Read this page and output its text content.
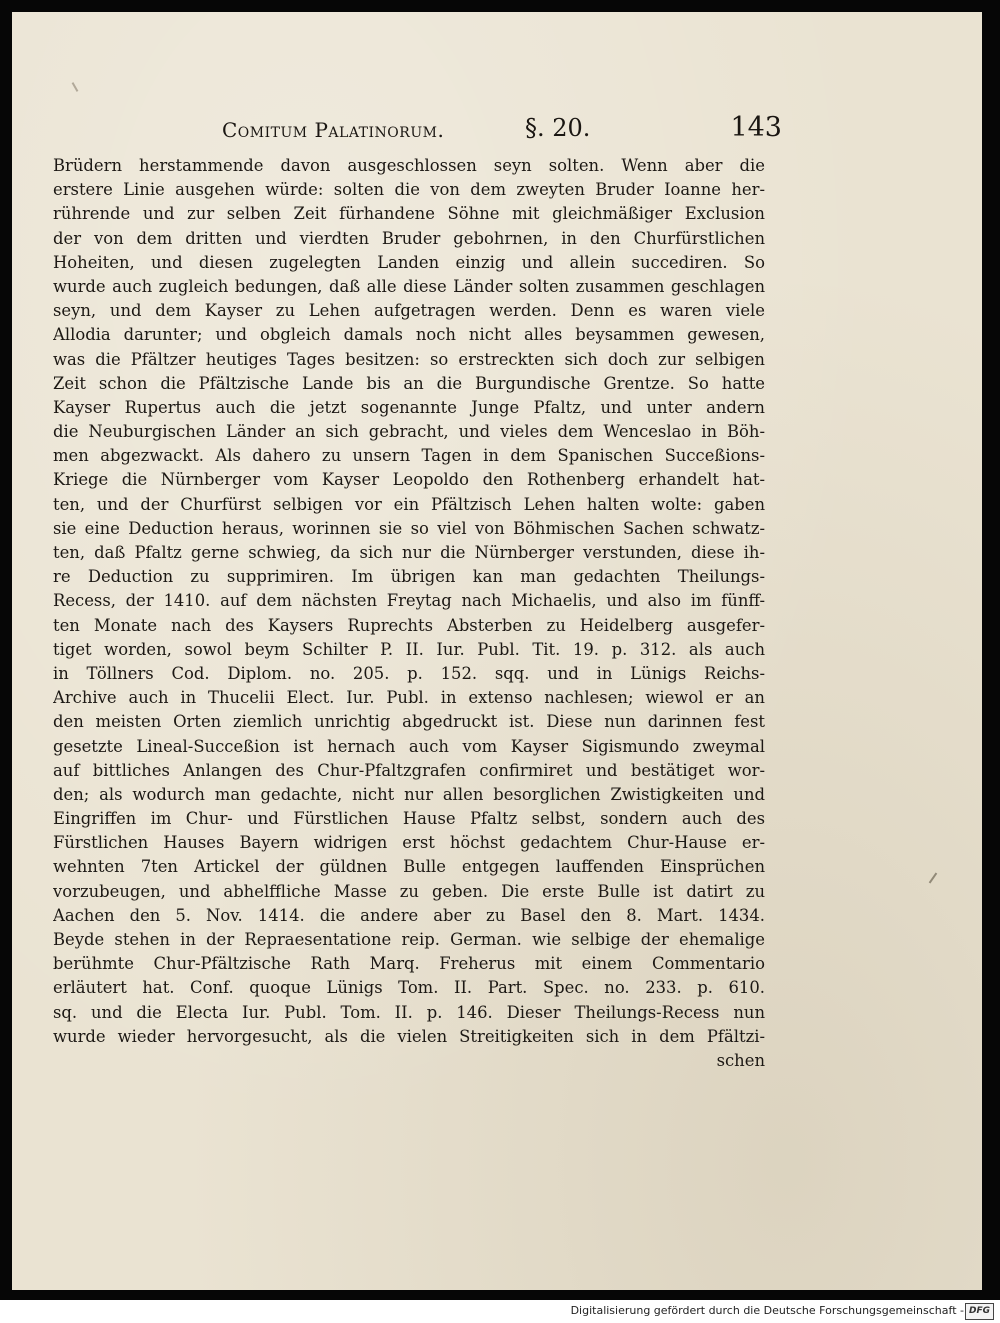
Comitum Palatinorum.	§. 20.	143
Brüdern herstammende davon ausgeschlossen seyn solten. Wenn aber die
erstere Linie ausgehen würde: solten die von dem zweyten Bruder Ioanne her-
rührende und zur selben Zeit fürhandene Söhne mit gleichmäßiger Exclusion
der von dem dritten und vierdten Bruder gebohrnen, in den Churfürstlichen
Hoheiten, und diesen zugelegten Landen einzig und allein succediren. So
wurde auch zugleich bedungen, daß alle diese Länder solten zusammen geschlagen
seyn, und dem Kayser zu Lehen aufgetragen werden. Denn es waren viele
Allodia darunter; und obgleich damals noch nicht alles beysammen gewesen,
was die Pfältzer heutiges Tages besitzen: so erstreckten sich doch zur selbigen
Zeit schon die Pfältzische Lande bis an die Burgundische Grentze. So hatte
Kayser Rupertus auch die jetzt sogenannte Junge Pfaltz, und unter andern
die Neuburgischen Länder an sich gebracht, und vieles dem Wenceslao in Böh-
men abgezwackt. Als dahero zu unsern Tagen in dem Spanischen Succeßions-
Kriege die Nürnberger vom Kayser Leopoldo den Rothenberg erhandelt hat-
ten, und der Churfürst selbigen vor ein Pfältzisch Lehen halten wolte: gaben
sie eine Deduction heraus, worinnen sie so viel von Böhmischen Sachen schwatz-
ten, daß Pfaltz gerne schwieg, da sich nur die Nürnberger verstunden, diese ih-
re Deduction zu supprimiren. Im übrigen kan man gedachten Theilungs-
Recess, der 1410. auf dem nächsten Freytag nach Michaelis, und also im fünff-
ten Monate nach des Kaysers Ruprechts Absterben zu Heidelberg ausgefer-
tiget worden, sowol beym Schilter P. II. Iur. Publ. Tit. 19. p. 312. als auch
in Töllners Cod. Diplom. no. 205. p. 152. sqq. und in Lünigs Reichs-
Archive auch in Thucelii Elect. Iur. Publ. in extenso nachlesen; wiewol er an
den meisten Orten ziemlich unrichtig abgedruckt ist. Diese nun darinnen fest
gesetzte Lineal-Succeßion ist hernach auch vom Kayser Sigismundo zweymal
auf bittliches Anlangen des Chur-Pfaltzgrafen confirmiret und bestätiget wor-
den; als wodurch man gedachte, nicht nur allen besorglichen Zwistigkeiten und
Eingriffen im Chur- und Fürstlichen Hause Pfaltz selbst, sondern auch des
Fürstlichen Hauses Bayern widrigen erst höchst gedachtem Chur-Hause er-
wehnten 7ten Artickel der güldnen Bulle entgegen lauffenden Einsprüchen
vorzubeugen, und abhelffliche Masse zu geben. Die erste Bulle ist datirt zu
Aachen den 5. Nov. 1414. die andere aber zu Basel den 8. Mart. 1434.
Beyde stehen in der Repraesentatione reip. German. wie selbige der ehemalige
berühmte Chur-Pfältzische Rath Marq. Freherus mit einem Commentario
erläutert hat. Conf. quoque Lünigs Tom. II. Part. Spec. no. 233. p. 610.
sq. und die Electa Iur. Publ. Tom. II. p. 146. Dieser Theilungs-Recess nun
wurde wieder hervorgesucht, als die vielen Streitigkeiten sich in dem Pfältzi-
schen
Digitalisierung gefördert durch die Deutsche Forschungsgemeinschaft - DFG
